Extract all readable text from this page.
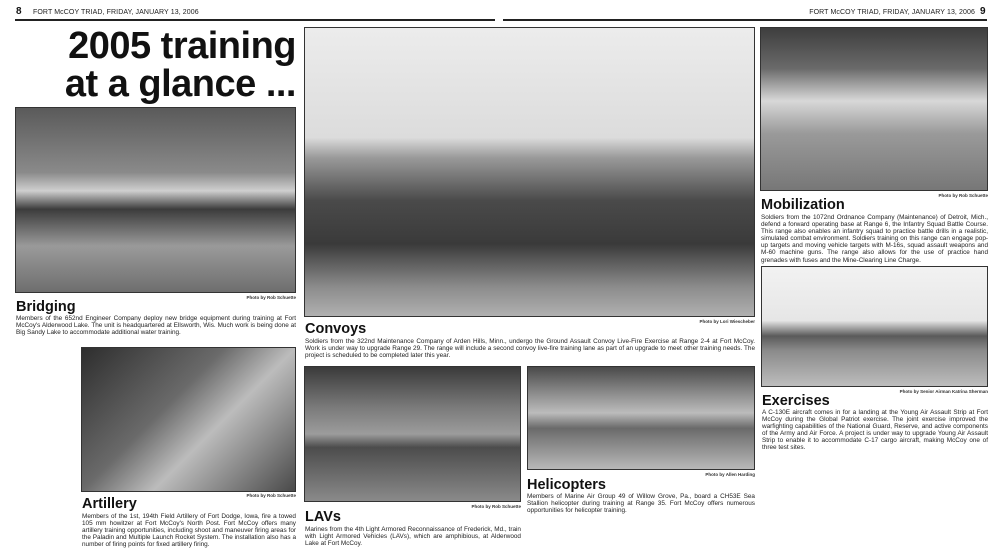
8 FORT McCOY TRIAD, FRIDAY, JANUARY 13, 2006	FORT McCOY TRIAD, FRIDAY, JANUARY 13, 2006 9
2005 training
at a glance ...
Photo by Rob Schuette
Bridging
Members of the 652nd Engineer Company deploy new bridge equipment during training at Fort McCoy's Alderwood Lake. The unit is headquartered at Ellsworth, Wis. Much work is being done at Big Sandy Lake to accommodate additional water training.
Photo by Lori Wiescheber
Convoys
Soldiers from the 322nd Maintenance Company of Arden Hills, Minn., undergo the Ground Assault Convoy Live-Fire Exercise at Range 2-4 at Fort McCoy. Work is under way to upgrade Range 29. The range will include a second convoy live-fire training lane as part of an upgrade to meet other training needs. The project is scheduled to be completed later this year.
Photo by Rob Schuette
Mobilization
Soldiers from the 1072nd Ordnance Company (Maintenance) of Detroit, Mich., defend a forward operating base at Range 6, the Infantry Squad Battle Course. This range also enables an infantry squad to practice battle drills in a realistic, simulated combat environment. Soldiers training on this range can engage pop-up targets and moving vehicle targets with M-16s, squad assault weapons and M-60 machine guns. The range also allows for the use of practice hand grenades with fuses and the Mine-Clearing Line Charge.
Photo by Senior Airman Katrina Sherman
Exercises
A C-130E aircraft comes in for a landing at the Young Air Assault Strip at Fort McCoy during the Global Patriot exercise. The joint exercise improved the warfighting capabilities of the National Guard, Reserve, and active components of the Army and Air Force. A project is under way to upgrade Young Air Assault Strip to enable it to accommodate C-17 cargo aircraft, making McCoy one of three test sites.
Photo by Rob Schuette
Artillery
Members of the 1st, 194th Field Artillery of Fort Dodge, Iowa, fire a towed 105 mm howitzer at Fort McCoy's North Post. Fort McCoy offers many artillery training opportunities, including shoot and maneuver firing areas for the Paladin and Multiple Launch Rocket System. The installation also has a number of firing points for fixed artillery firing.
Photo by Rob Schuette
LAVs
Marines from the 4th Light Armored Reconnaissance of Frederick, Md., train with Light Armored Vehicles (LAVs), which are amphibious, at Alderwood Lake at Fort McCoy.
Photo by Allen Harding
Helicopters
Members of Marine Air Group 49 of Willow Grove, Pa., board a CH53E Sea Stallion helicopter during training at Range 35. Fort McCoy offers numerous opportunities for helicopter training.
